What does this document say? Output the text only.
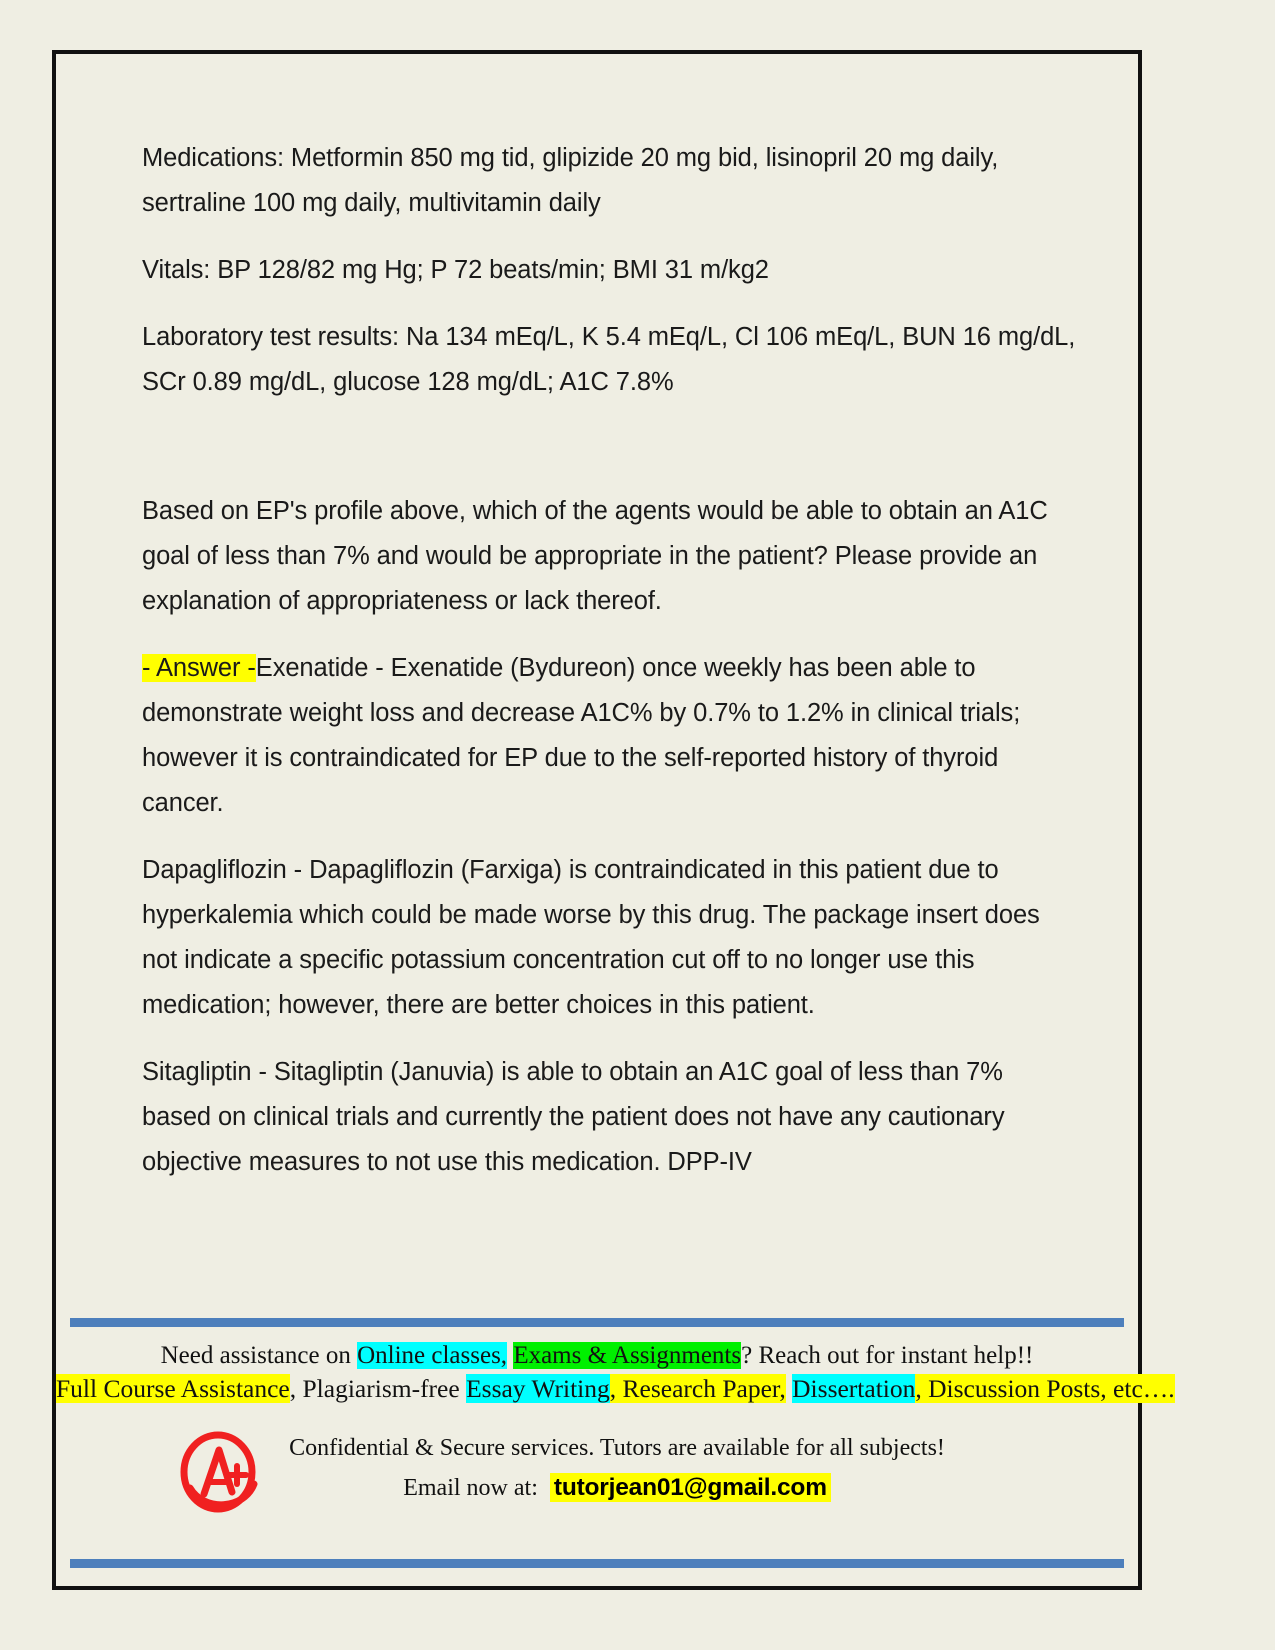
Medications: Metformin 850 mg tid, glipizide 20 mg bid, lisinopril 20 mg daily, sertraline 100 mg daily, multivitamin daily

Vitals: BP 128/82 mg Hg; P 72 beats/min; BMI 31 m/kg2

Laboratory test results: Na 134 mEq/L, K 5.4 mEq/L, Cl 106 mEq/L, BUN 16 mg/dL, SCr 0.89 mg/dL, glucose 128 mg/dL; A1C 7.8%

Based on EP's profile above, which of the agents would be able to obtain an A1C goal of less than 7% and would be appropriate in the patient? Please provide an explanation of appropriateness or lack thereof.

- Answer -Exenatide - Exenatide (Bydureon) once weekly has been able to demonstrate weight loss and decrease A1C% by 0.7% to 1.2% in clinical trials; however it is contraindicated for EP due to the self-reported history of thyroid cancer.

Dapagliflozin - Dapagliflozin (Farxiga) is contraindicated in this patient due to hyperkalemia which could be made worse by this drug. The package insert does not indicate a specific potassium concentration cut off to no longer use this medication; however, there are better choices in this patient.

Sitagliptin - Sitagliptin (Januvia) is able to obtain an A1C goal of less than 7% based on clinical trials and currently the patient does not have any cautionary objective measures to not use this medication. DPP-IV

Need assistance on Online classes, Exams & Assignments? Reach out for instant help!!
Full Course Assistance, Plagiarism-free Essay Writing, Research Paper, Dissertation, Discussion Posts, etc….
Confidential & Secure services. Tutors are available for all subjects!
Email now at: tutorjean01@gmail.com
